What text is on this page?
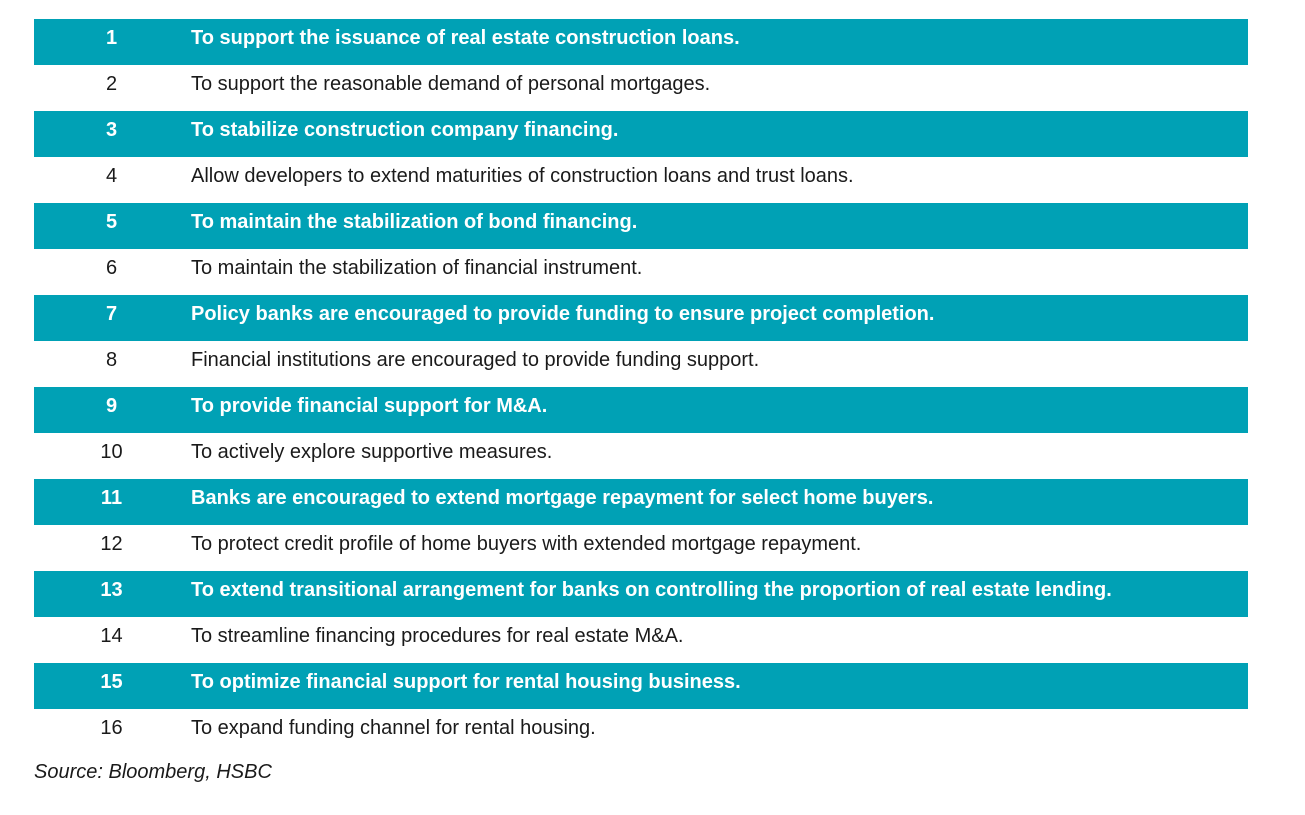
1	To support the issuance of real estate construction loans.
2	To support the reasonable demand of personal mortgages.
3	To stabilize construction company financing.
4	Allow developers to extend maturities of construction loans and trust loans.
5	To maintain the stabilization of bond financing.
6	To maintain the stabilization of financial instrument.
7	Policy banks are encouraged to provide funding to ensure project completion.
8	Financial institutions are encouraged to provide funding support.
9	To provide financial support for M&A.
10	To actively explore supportive measures.
11	Banks are encouraged to extend mortgage repayment for select home buyers.
12	To protect credit profile of home buyers with extended mortgage repayment.
13	To extend transitional arrangement for banks on controlling the proportion of real estate lending.
14	To streamline financing procedures for real estate M&A.
15	To optimize financial support for rental housing business.
16	To expand funding channel for rental housing.
Source: Bloomberg, HSBC
